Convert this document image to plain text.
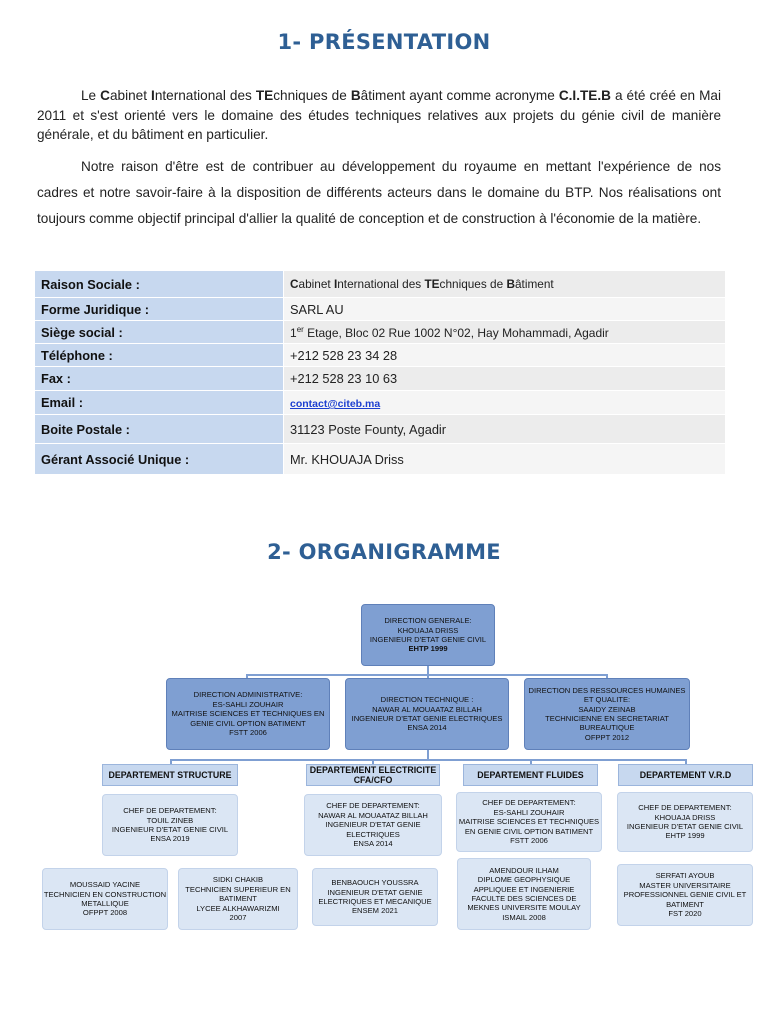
1- PRÉSENTATION
Le Cabinet International des TEchniques de Bâtiment ayant comme acronyme C.I.TE.B a été créé en Mai 2011 et s'est orienté vers le domaine des études techniques relatives aux projets du génie civil de manière générale, et du bâtiment en particulier.
Notre raison d'être est de contribuer au développement du royaume en mettant l'expérience de nos cadres et notre savoir-faire à la disposition de différents acteurs dans le domaine du BTP. Nos réalisations ont toujours comme objectif principal d'allier la qualité de conception et de construction à l'économie de la matière.
Raison Sociale :	Cabinet International des TEchniques de Bâtiment
Forme Juridique :	SARL AU
Siège social :	1er Etage, Bloc 02 Rue 1002 N°02, Hay Mohammadi, Agadir
Téléphone :	+212 528 23 34 28
Fax :	+212 528 23 10 63
Email :	contact@citeb.ma
Boite Postale :	31123 Poste Founty, Agadir
Gérant Associé Unique :	Mr. KHOUAJA Driss
2- ORGANIGRAMME
DIRECTION GENERALE:
KHOUAJA DRISS
INGENIEUR D'ETAT GENIE CIVIL
EHTP 1999
DIRECTION ADMINISTRATIVE:
ES-SAHLI ZOUHAIR
MAITRISE SCIENCES ET TECHNIQUES EN GENIE CIVIL OPTION BATIMENT
FSTT 2006
DIRECTION TECHNIQUE :
NAWAR AL MOUAATAZ BILLAH
INGENIEUR D'ETAT GENIE ELECTRIQUES
ENSA 2014
DIRECTION DES RESSOURCES HUMAINES ET QUALITE:
SAAIDY ZEINAB
TECHNICIENNE EN SECRETARIAT BUREAUTIQUE
OFPPT 2012
DEPARTEMENT STRUCTURE	DEPARTEMENT ELECTRICITE CFA/CFO	DEPARTEMENT FLUIDES	DEPARTEMENT V.R.D
CHEF DE DEPARTEMENT:
TOUIL ZINEB
INGENIEUR D'ETAT GENIE CIVIL
ENSA 2019
CHEF DE DEPARTEMENT:
NAWAR AL MOUAATAZ BILLAH
INGENIEUR D'ETAT GENIE ELECTRIQUES
ENSA 2014
CHEF DE DEPARTEMENT:
ES-SAHLI ZOUHAIR
MAITRISE SCIENCES ET TECHNIQUES EN GENIE CIVIL OPTION BATIMENT
FSTT 2006
CHEF DE DEPARTEMENT:
KHOUAJA DRISS
INGENIEUR D'ETAT GENIE CIVIL
EHTP 1999
MOUSSAID YACINE
TECHNICIEN EN CONSTRUCTION METALLIQUE
OFPPT 2008
SIDKI CHAKIB
TECHNICIEN SUPERIEUR EN BATIMENT
LYCEE ALKHAWARIZMI
2007
BENBAOUCH YOUSSRA
INGENIEUR D'ETAT GENIE ELECTRIQUES ET MECANIQUE
ENSEM 2021
AMENDOUR ILHAM
DIPLOME GEOPHYSIQUE APPLIQUEE ET INGENIERIE
FACULTE DES SCIENCES DE MEKNES UNIVERSITE MOULAY ISMAIL 2008
SERFATI AYOUB
MASTER UNIVERSITAIRE PROFESSIONNEL GENIE CIVIL ET BATIMENT
FST 2020
